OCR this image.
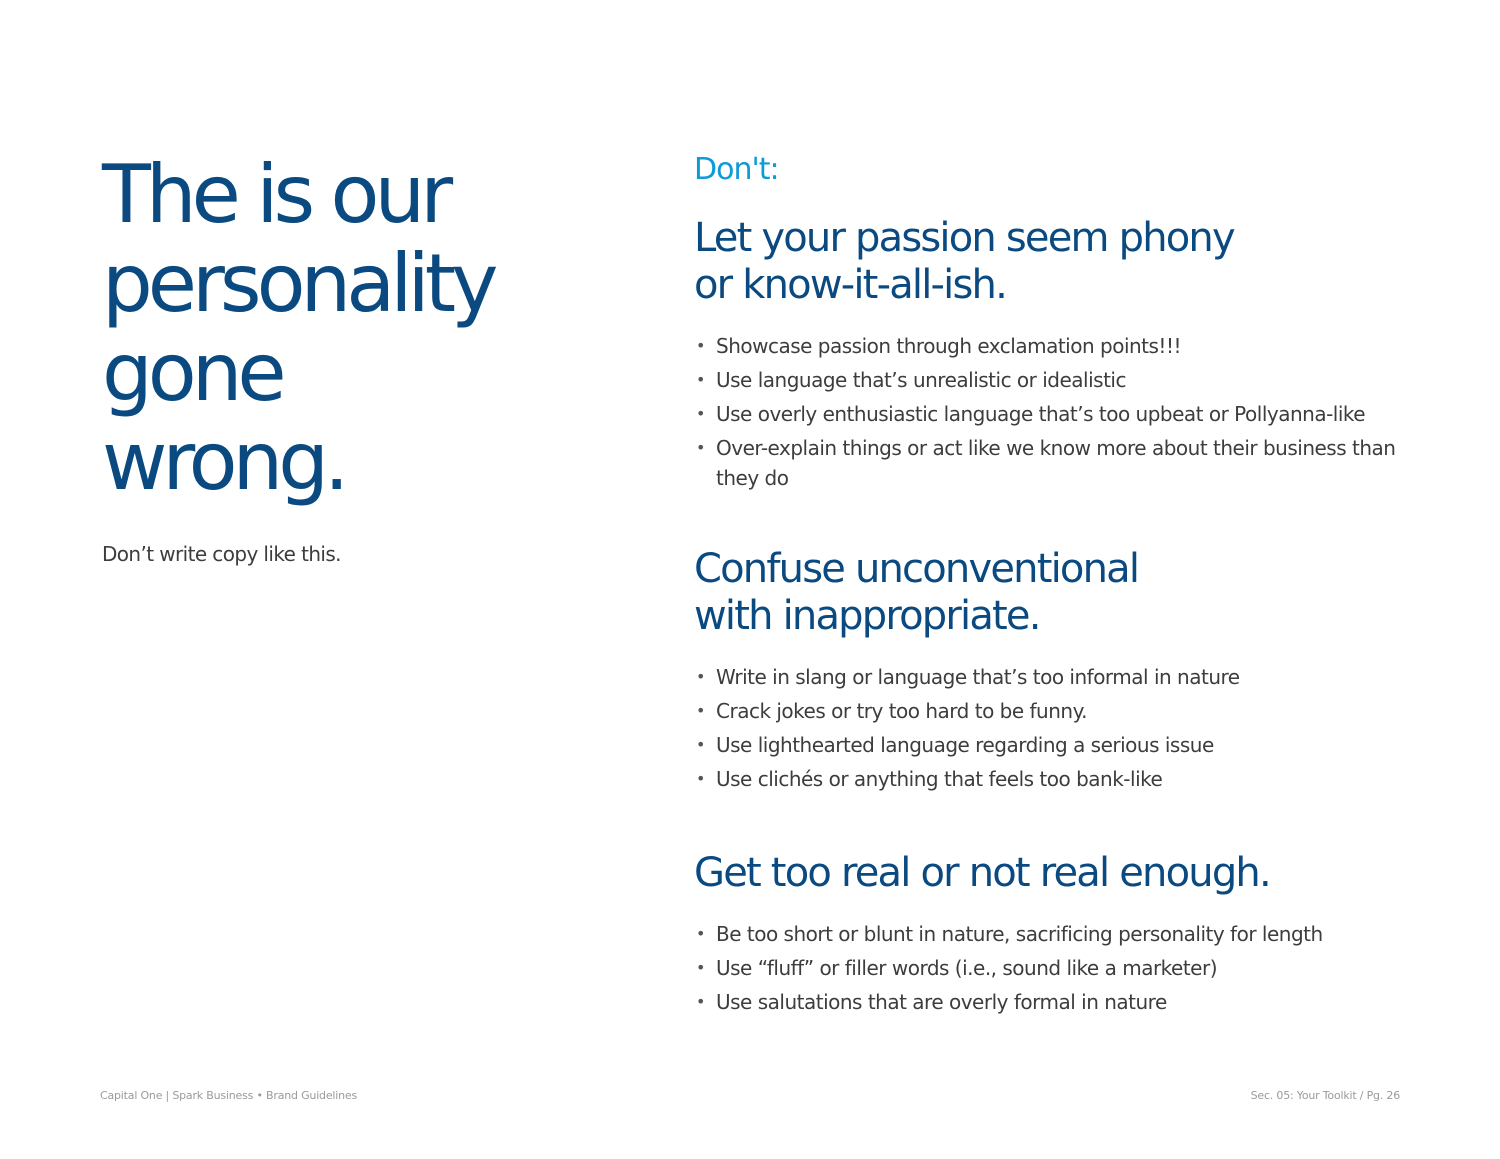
The is our
personality
gone
wrong.

Don’t write copy like this.

Don't:

Let your passion seem phony
or know-it-all-ish.
• Showcase passion through exclamation points!!!
• Use language that’s unrealistic or idealistic
• Use overly enthusiastic language that’s too upbeat or Pollyanna-like
• Over-explain things or act like we know more about their business than they do
Confuse unconventional
with inappropriate.
• Write in slang or language that’s too informal in nature
• Crack jokes or try too hard to be funny.
• Use lighthearted language regarding a serious issue
• Use clichés or anything that feels too bank-like
Get too real or not real enough.
• Be too short or blunt in nature, sacrificing personality for length
• Use “fluff” or filler words (i.e., sound like a marketer)
• Use salutations that are overly formal in nature
Capital One | Spark Business • Brand Guidelines	Sec. 05: Your Toolkit / Pg. 26
